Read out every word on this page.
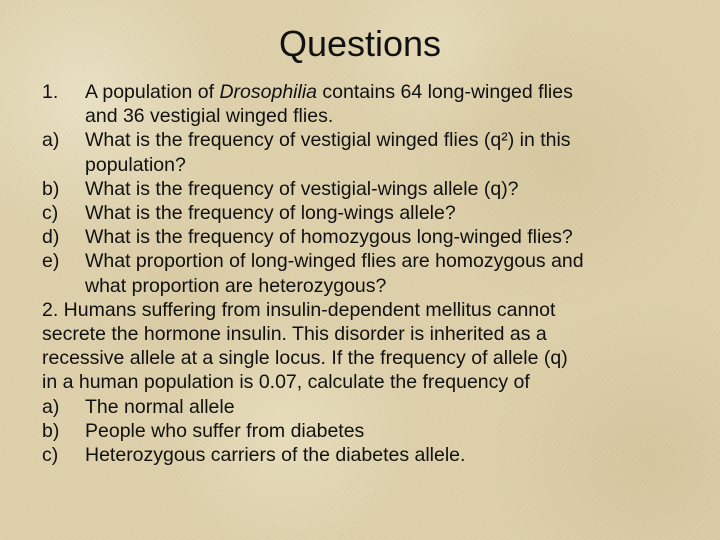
Questions
1. A population of Drosophilia contains 64 long-winged flies
and 36 vestigial winged flies.
a) What is the frequency of vestigial winged flies (q²) in this
population?
b) What is the frequency of vestigial-wings allele (q)?
c) What is the frequency of long-wings allele?
d) What is the frequency of homozygous long-winged flies?
e) What proportion of long-winged flies are homozygous and
what proportion are heterozygous?
2. Humans suffering from insulin-dependent mellitus cannot
secrete the hormone insulin. This disorder is inherited as a
recessive allele at a single locus. If the frequency of allele (q)
in a human population is 0.07, calculate the frequency of
a) The normal allele
b) People who suffer from diabetes
c) Heterozygous carriers of the diabetes allele.
